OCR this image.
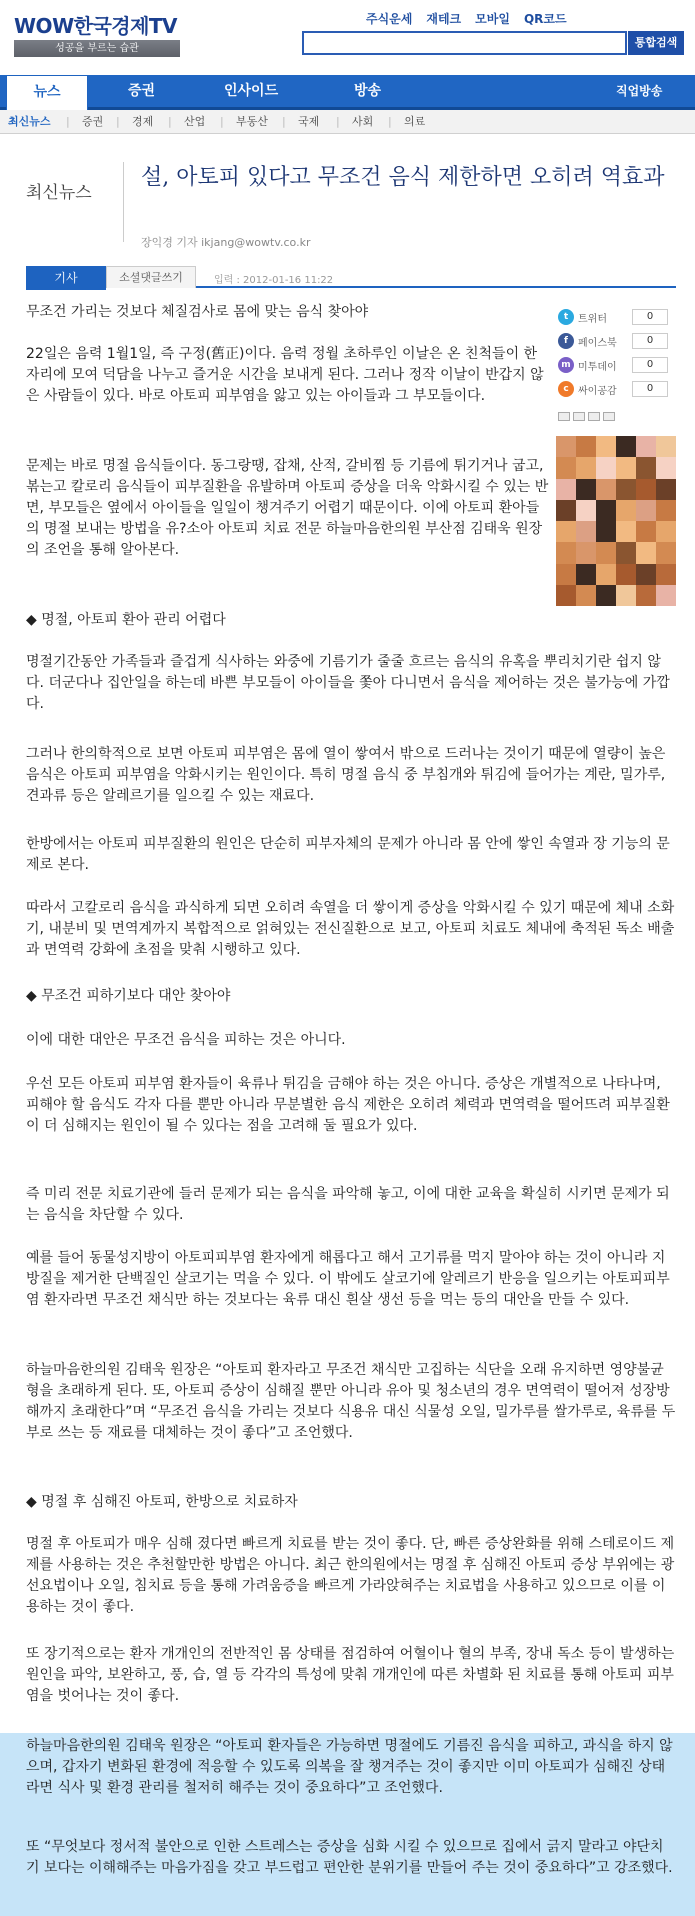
WOW한국경제TV
성공을 부르는 습관
주식운세 재테크 모바일 QR코드
통합검색
뉴스	증권	인사이드	방송	직업방송
최신뉴스 | 증권 | 경제 | 산업 | 부동산 | 국제 | 사회 | 의료
최신뉴스
설, 아토피 있다고 무조건 음식 제한하면 오히려 역효과
장익경 기자 ikjang@wowtv.co.kr
기사	소셜댓글쓰기	입력 : 2012-01-16 11:22
t 트위터	0
f	페이스북	0
m 미투데이	0
c 싸이공감	0

무조건 가리는 것보다 체질검사로 몸에 맞는 음식 찾아야

22일은 음력 1월1일, 즉 구정(舊正)이다. 음력 정월 초하루인 이날은 온 친척들이 한자리에 모여 덕담을 나누고 즐거운 시간을 보내게 된다. 그러나 정작 이날이 반갑지 않은 사람들이 있다. 바로 아토피 피부염을 앓고 있는 아이들과 그 부모들이다.

문제는 바로 명절 음식들이다. 동그랑땡, 잡채, 산적, 갈비찜 등 기름에 튀기거나 굽고, 볶는고 칼로리 음식들이 피부질환을 유발하며 아토피 증상을 더욱 악화시킬 수 있는 반면, 부모들은 옆에서 아이들을 일일이 챙겨주기 어렵기 때문이다. 이에 아토피 환아들의 명절 보내는 방법을 유?소아 아토피 치료 전문 하늘마음한의원 부산점 김태욱 원장의 조언을 통해 알아본다.

◆ 명절, 아토피 환아 관리 어렵다

명절기간동안 가족들과 즐겁게 식사하는 와중에 기름기가 줄줄 흐르는 음식의 유혹을 뿌리치기란 쉽지 않다. 더군다나 집안일을 하는데 바쁜 부모들이 아이들을 쫓아 다니면서 음식을 제어하는 것은 불가능에 가깝다.

그러나 한의학적으로 보면 아토피 피부염은 몸에 열이 쌓여서 밖으로 드러나는 것이기 때문에 열량이 높은 음식은 아토피 피부염을 악화시키는 원인이다. 특히 명절 음식 중 부침개와 튀김에 들어가는 계란, 밀가루, 견과류 등은 알레르기를 일으킬 수 있는 재료다.

한방에서는 아토피 피부질환의 원인은 단순히 피부자체의 문제가 아니라 몸 안에 쌓인 속열과 장 기능의 문제로 본다.

따라서 고칼로리 음식을 과식하게 되면 오히려 속열을 더 쌓이게 증상을 악화시킬 수 있기 때문에 체내 소화기, 내분비 및 면역계까지 복합적으로 얽혀있는 전신질환으로 보고, 아토피 치료도 체내에 축적된 독소 배출과 면역력 강화에 초점을 맞춰 시행하고 있다.

◆ 무조건 피하기보다 대안 찾아야

이에 대한 대안은 무조건 음식을 피하는 것은 아니다.

우선 모든 아토피 피부염 환자들이 육류나 튀김을 금해야 하는 것은 아니다. 증상은 개별적으로 나타나며, 피해야 할 음식도 각자 다를 뿐만 아니라 무분별한 음식 제한은 오히려 체력과 면역력을 떨어뜨려 피부질환이 더 심해지는 원인이 될 수 있다는 점을 고려해 둘 필요가 있다.

즉 미리 전문 치료기관에 들러 문제가 되는 음식을 파악해 놓고, 이에 대한 교육을 확실히 시키면 문제가 되는 음식을 차단할 수 있다.

예를 들어 동물성지방이 아토피피부염 환자에게 해롭다고 해서 고기류를 먹지 말아야 하는 것이 아니라 지방질을 제거한 단백질인 살코기는 먹을 수 있다. 이 밖에도 살코기에 알레르기 반응을 일으키는 아토피피부염 환자라면 무조건 채식만 하는 것보다는 육류 대신 흰살 생선 등을 먹는 등의 대안을 만들 수 있다.

하늘마음한의원 김태욱 원장은 “아토피 환자라고 무조건 채식만 고집하는 식단을 오래 유지하면 영양불균형을 초래하게 된다. 또, 아토피 증상이 심해질 뿐만 아니라 유아 및 청소년의 경우 면역력이 떨어져 성장방해까지 초래한다”며 “무조건 음식을 가리는 것보다 식용유 대신 식물성 오일, 밀가루를 쌀가루로, 육류를 두부로 쓰는 등 재료를 대체하는 것이 좋다”고 조언했다.

◆ 명절 후 심해진 아토피, 한방으로 치료하자

명절 후 아토피가 매우 심해 졌다면 빠르게 치료를 받는 것이 좋다. 단, 빠른 증상완화를 위해 스테로이드 제제를 사용하는 것은 추천할만한 방법은 아니다. 최근 한의원에서는 명절 후 심해진 아토피 증상 부위에는 광선요법이나 오일, 침치료 등을 통해 가려움증을 빠르게 가라앉혀주는 치료법을 사용하고 있으므로 이를 이용하는 것이 좋다.

또 장기적으로는 환자 개개인의 전반적인 몸 상태를 점검하여 어혈이나 혈의 부족, 장내 독소 등이 발생하는 원인을 파악, 보완하고, 풍, 습, 열 등 각각의 특성에 맞춰 개개인에 따른 차별화 된 치료를 통해 아토피 피부염을 벗어나는 것이 좋다.

하늘마음한의원 김태욱 원장은 “아토피 환자들은 가능하면 명절에도 기름진 음식을 피하고, 과식을 하지 않으며, 갑자기 변화된 환경에 적응할 수 있도록 의복을 잘 챙겨주는 것이 좋지만 이미 아토피가 심해진 상태라면 식사 및 환경 관리를 철저히 해주는 것이 중요하다”고 조언했다.

또 “무엇보다 정서적 불안으로 인한 스트레스는 증상을 심화 시킬 수 있으므로 집에서 긁지 말라고 야단치기 보다는 이해해주는 마음가짐을 갖고 부드럽고 편안한 분위기를 만들어 주는 것이 중요하다”고 강조했다.
